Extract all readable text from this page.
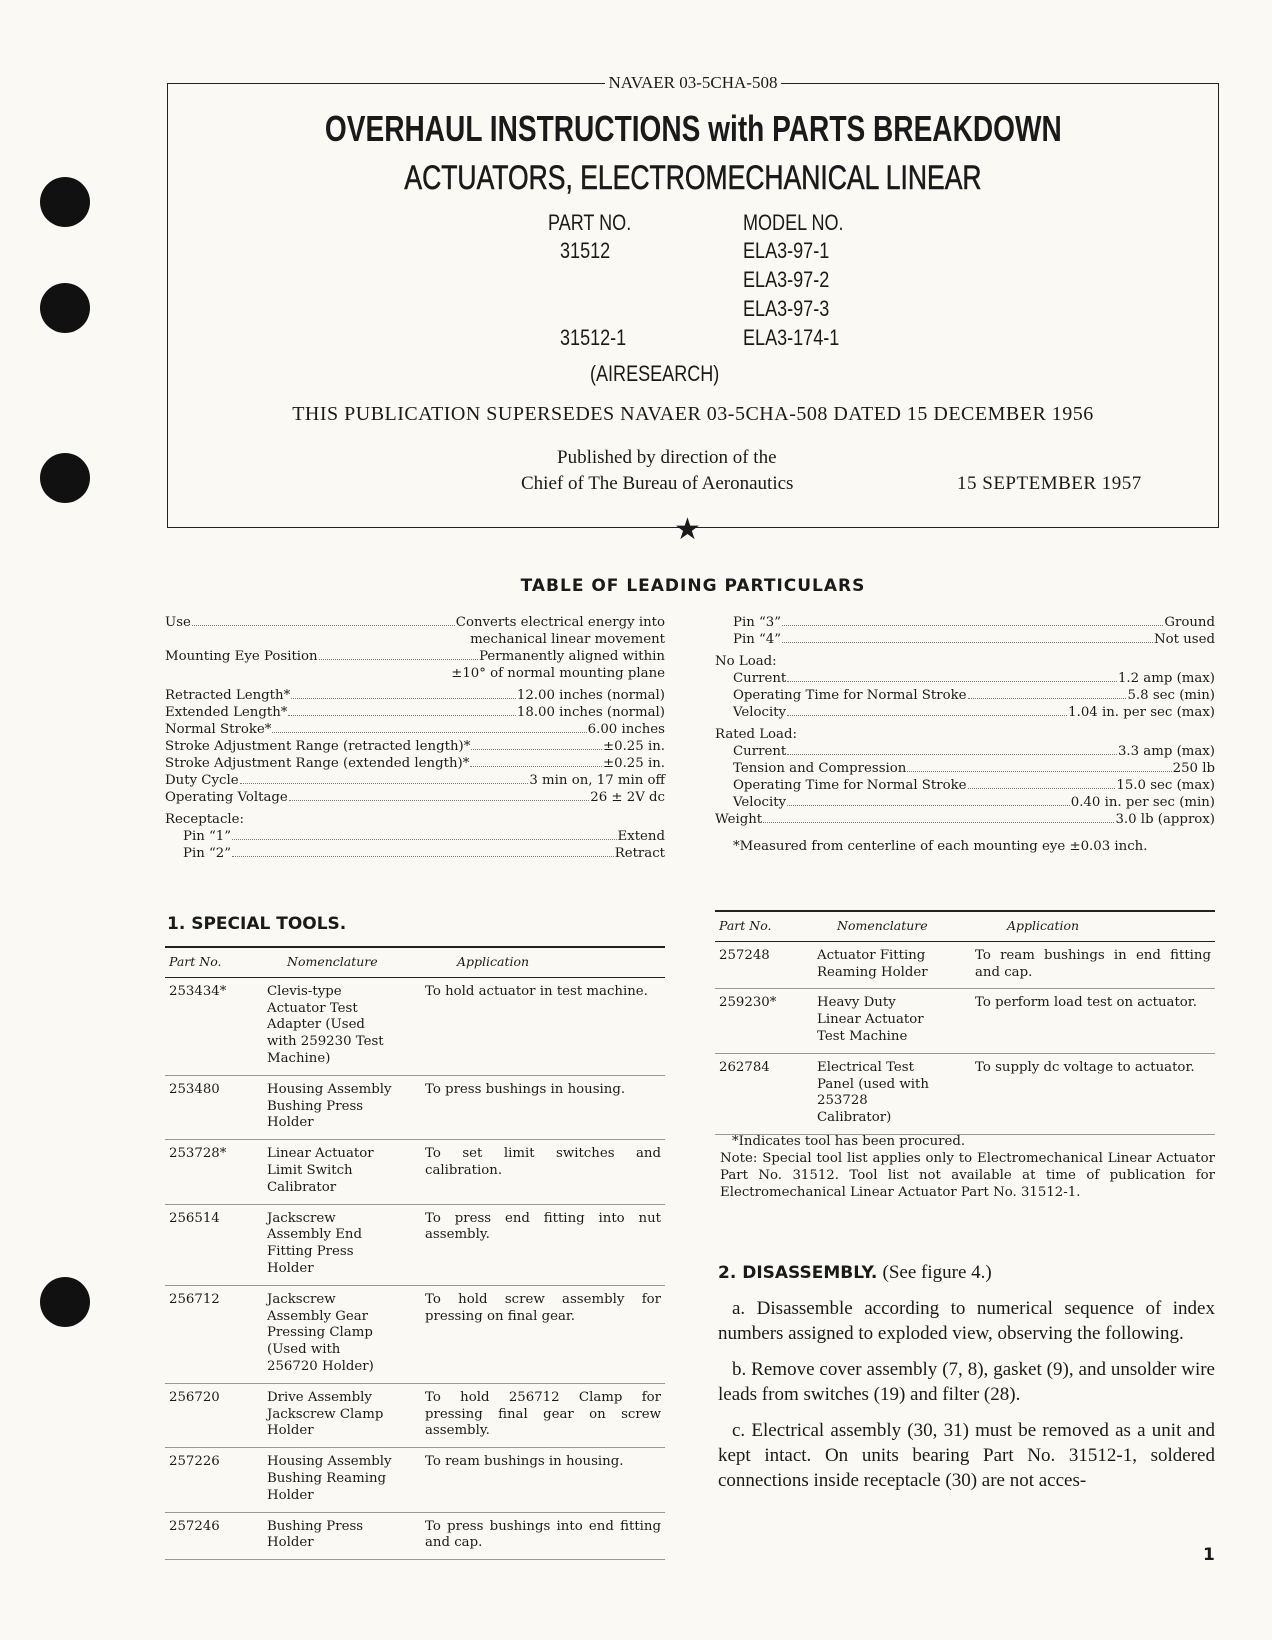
NAVAER 03-5CHA-508
OVERHAUL INSTRUCTIONS with PARTS BREAKDOWN
ACTUATORS, ELECTROMECHANICAL LINEAR
PART NO.	MODEL NO.
31512	ELA3-97-1
ELA3-97-2
ELA3-97-3
31512-1	ELA3-174-1
(AIRESEARCH)
THIS PUBLICATION SUPERSEDES NAVAER 03-5CHA-508 DATED 15 DECEMBER 1956
Published by direction of the
Chief of The Bureau of Aeronautics	15 SEPTEMBER 1957
★
TABLE OF LEADING PARTICULARS
Use	Converts electrical energy into
mechanical linear movement
Mounting Eye Position	Permanently aligned within
±10° of normal mounting plane
Retracted Length*	12.00 inches (normal)
Extended Length*	18.00 inches (normal)
Normal Stroke*	6.00 inches
Stroke Adjustment Range (retracted length)*	±0.25 in.
Stroke Adjustment Range (extended length)*	±0.25 in.
Duty Cycle	3 min on, 17 min off
Operating Voltage	26 ± 2V dc
Receptacle:
Pin “1”	Extend
Pin “2”	Retract
Pin “3”	Ground
Pin “4”	Not used
No Load:
Current	1.2 amp (max)
Operating Time for Normal Stroke	5.8 sec (min)
Velocity	1.04 in. per sec (max)
Rated Load:
Current	3.3 amp (max)
Tension and Compression	250 lb
Operating Time for Normal Stroke	15.0 sec (max)
Velocity	0.40 in. per sec (min)
Weight	3.0 lb (approx)
*Measured from centerline of each mounting eye ±0.03 inch.
1. SPECIAL TOOLS.
Part No.	Nomenclature	Application
253434*	Clevis-type Actuator Test Adapter (Used with 259230 Test Machine)	To hold actuator in test machine.
253480	Housing Assembly Bushing Press Holder	To press bushings in housing.
253728*	Linear Actuator Limit Switch Calibrator	To set limit switches and calibration.
256514	Jackscrew Assembly End Fitting Press Holder	To press end fitting into nut assembly.
256712	Jackscrew Assembly Gear Pressing Clamp (Used with 256720 Holder)	To hold screw assembly for pressing on final gear.
256720	Drive Assembly Jackscrew Clamp Holder	To hold 256712 Clamp for pressing final gear on screw assembly.
257226	Housing Assembly Bushing Reaming Holder	To ream bushings in housing.
257246	Bushing Press Holder	To press bushings into end fitting and cap.
Part No.	Nomenclature	Application
257248	Actuator Fitting Reaming Holder	To ream bushings in end fitting and cap.
259230*	Heavy Duty Linear Actuator Test Machine	To perform load test on actuator.
262784	Electrical Test Panel (used with 253728 Calibrator)	To supply dc voltage to actuator.
*Indicates tool has been procured.
Note: Special tool list applies only to Electromechanical Linear Actuator Part No. 31512. Tool list not available at time of publication for Electromechanical Linear Actuator Part No. 31512-1.
2. DISASSEMBLY. (See figure 4.)

a. Disassemble according to numerical sequence of index numbers assigned to exploded view, observing the following.

b. Remove cover assembly (7, 8), gasket (9), and unsolder wire leads from switches (19) and filter (28).

c. Electrical assembly (30, 31) must be removed as a unit and kept intact. On units bearing Part No. 31512-1, soldered connections inside receptacle (30) are not acces-

1
